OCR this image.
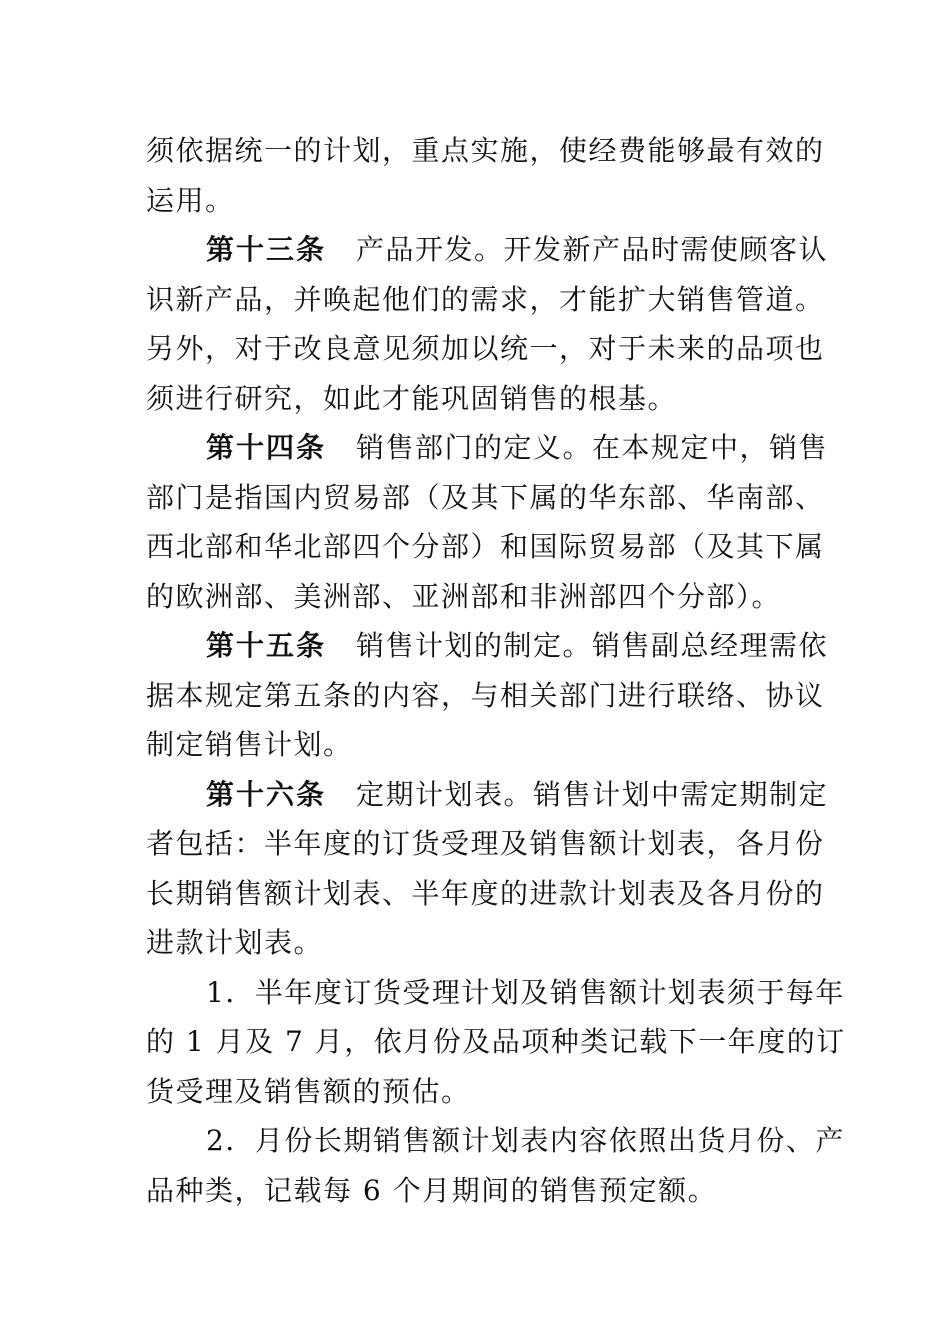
须依据统一的计划，重点实施，使经费能够最有效的运用。

第十三条 产品开发。开发新产品时需使顾客认识新产品，并唤起他们的需求，才能扩大销售管道。另外，对于改良意见须加以统一，对于未来的品项也须进行研究，如此才能巩固销售的根基。

第十四条 销售部门的定义。在本规定中，销售部门是指国内贸易部（及其下属的华东部、华南部、西北部和华北部四个分部）和国际贸易部（及其下属的欧洲部、美洲部、亚洲部和非洲部四个分部）。

第十五条 销售计划的制定。销售副总经理需依据本规定第五条的内容，与相关部门进行联络、协议制定销售计划。

第十六条 定期计划表。销售计划中需定期制定者包括：半年度的订货受理及销售额计划表，各月份长期销售额计划表、半年度的进款计划表及各月份的进款计划表。

1．半年度订货受理计划及销售额计划表须于每年的 1 月及 7 月，依月份及品项种类记载下一年度的订货受理及销售额的预估。

2．月份长期销售额计划表内容依照出货月份、产品种类，记载每 6 个月期间的销售预定额。
